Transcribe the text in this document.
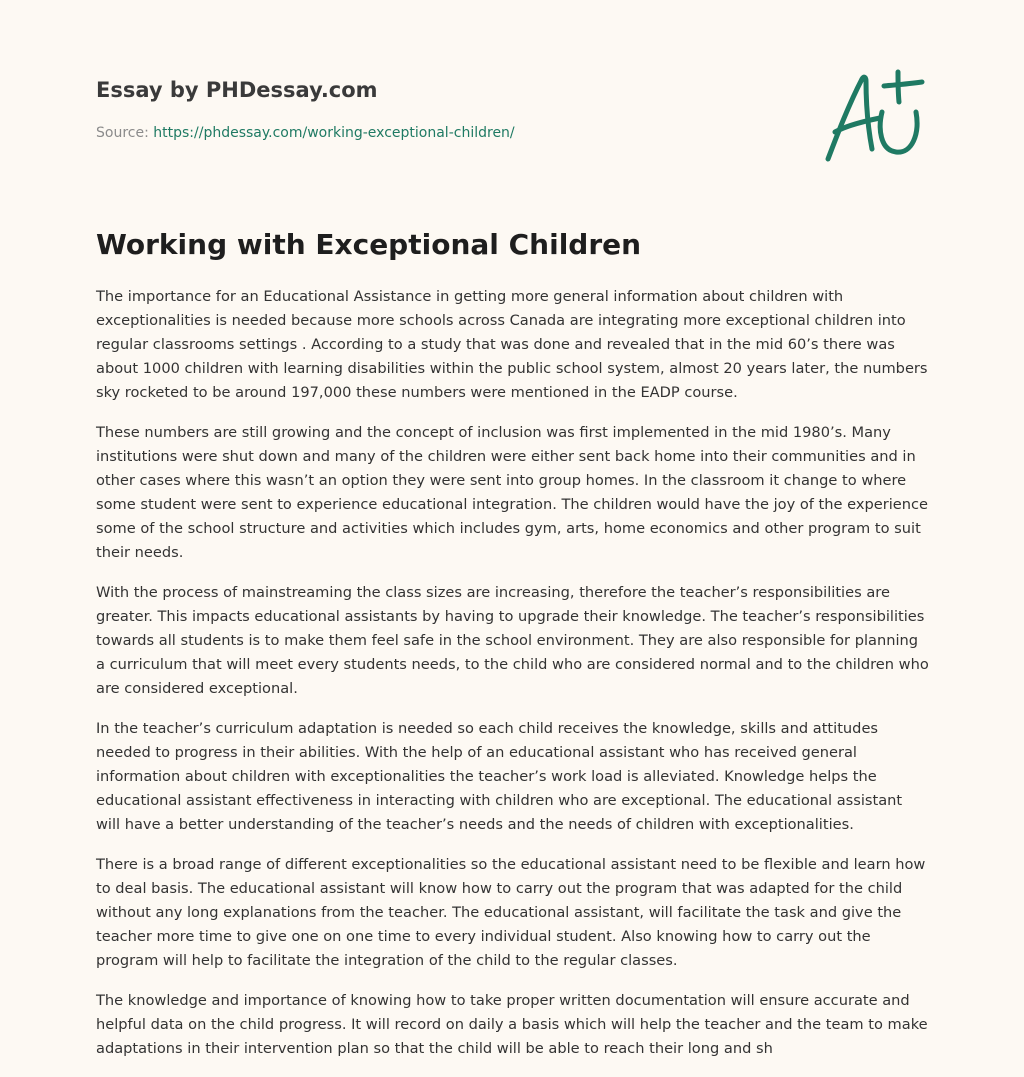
Essay by PHDessay.com
Source: https://phdessay.com/working-exceptional-children/
Working with Exceptional Children

The importance for an Educational Assistance in getting more general information about children with exceptionalities is needed because more schools across Canada are integrating more exceptional children into regular classrooms settings . According to a study that was done and revealed that in the mid 60’s there was about 1000 children with learning disabilities within the public school system, almost 20 years later, the numbers sky rocketed to be around 197,000 these numbers were mentioned in the EADP course.

These numbers are still growing and the concept of inclusion was first implemented in the mid 1980’s. Many institutions were shut down and many of the children were either sent back home into their communities and in other cases where this wasn’t an option they were sent into group homes. In the classroom it change to where some student were sent to experience educational integration. The children would have the joy of the experience some of the school structure and activities which includes gym, arts, home economics and other program to suit their needs.

With the process of mainstreaming the class sizes are increasing, therefore the teacher’s responsibilities are greater. This impacts educational assistants by having to upgrade their knowledge. The teacher’s responsibilities towards all students is to make them feel safe in the school environment. They are also responsible for planning a curriculum that will meet every students needs, to the child who are considered normal and to the children who are considered exceptional.

In the teacher’s curriculum adaptation is needed so each child receives the knowledge, skills and attitudes needed to progress in their abilities. With the help of an educational assistant who has received general information about children with exceptionalities the teacher’s work load is alleviated. Knowledge helps the educational assistant effectiveness in interacting with children who are exceptional. The educational assistant will have a better understanding of the teacher’s needs and the needs of children with exceptionalities.

There is a broad range of different exceptionalities so the educational assistant need to be flexible and learn how to deal basis. The educational assistant will know how to carry out the program that was adapted for the child without any long explanations from the teacher. The educational assistant, will facilitate the task and give the teacher more time to give one on one time to every individual student. Also knowing how to carry out the program will help to facilitate the integration of the child to the regular classes.

The knowledge and importance of knowing how to take proper written documentation will ensure accurate and helpful data on the child progress. It will record on daily a basis which will help the teacher and the team to make adaptations in their intervention plan so that the child will be able to reach their long and sh
